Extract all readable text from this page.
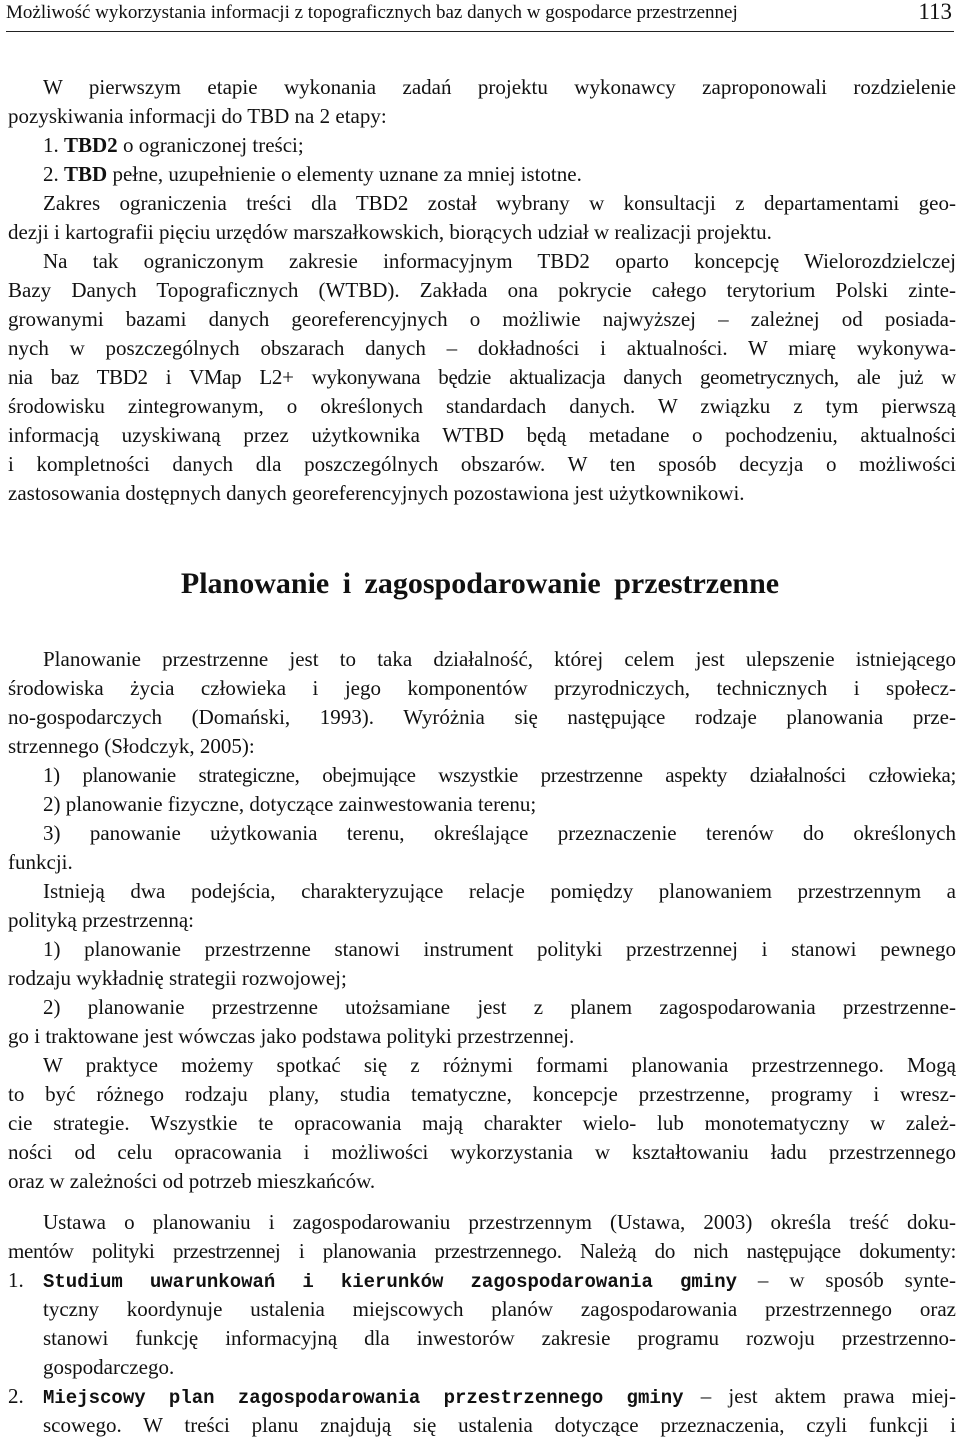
Możliwość wykorzystania informacji z topograficznych baz danych w gospodarce przestrzennej	113
W pierwszym etapie wykonania zadań projektu wykonawcy zaproponowali rozdzielenie
pozyskiwania informacji do TBD na 2 etapy:
1. TBD2 o ograniczonej treści;
2. TBD pełne, uzupełnienie o elementy uznane za mniej istotne.
Zakres ograniczenia treści dla TBD2 został wybrany w konsultacji z departamentami geo-
dezji i kartografii pięciu urzędów marszałkowskich, biorących udział w realizacji projektu.
Na tak ograniczonym zakresie informacyjnym TBD2 oparto koncepcję Wielorozdzielczej
Bazy Danych Topograficznych (WTBD). Zakłada ona pokrycie całego terytorium Polski zinte-
growanymi bazami danych georeferencyjnych o możliwie najwyższej – zależnej od posiada-
nych w poszczególnych obszarach danych – dokładności i aktualności. W miarę wykonywa-
nia baz TBD2 i VMap L2+ wykonywana będzie aktualizacja danych geometrycznych, ale już w
środowisku zintegrowanym, o określonych standardach danych. W związku z tym pierwszą
informacją uzyskiwaną przez użytkownika WTBD będą metadane o pochodzeniu, aktualności
i kompletności danych dla poszczególnych obszarów. W ten sposób decyzja o możliwości
zastosowania dostępnych danych georeferencyjnych pozostawiona jest użytkownikowi.
Planowanie i zagospodarowanie przestrzenne
Planowanie przestrzenne jest to taka działalność, której celem jest ulepszenie istniejącego
środowiska życia człowieka i jego komponentów przyrodniczych, technicznych i społecz-
no-gospodarczych (Domański, 1993). Wyróżnia się następujące rodzaje planowania prze-
strzennego (Słodczyk, 2005):
1) planowanie strategiczne, obejmujące wszystkie przestrzenne aspekty działalności człowieka;
2) planowanie fizyczne, dotyczące zainwestowania terenu;
3) panowanie użytkowania terenu, określające przeznaczenie terenów do określonych
funkcji.
Istnieją dwa podejścia, charakteryzujące relacje pomiędzy planowaniem przestrzennym a
polityką przestrzenną:
1) planowanie przestrzenne stanowi instrument polityki przestrzennej i stanowi pewnego
rodzaju wykładnię strategii rozwojowej;
2) planowanie przestrzenne utożsamiane jest z planem zagospodarowania przestrzenne-
go i traktowane jest wówczas jako podstawa polityki przestrzennej.
W praktyce możemy spotkać się z różnymi formami planowania przestrzennego. Mogą
to być różnego rodzaju plany, studia tematyczne, koncepcje przestrzenne, programy i wresz-
cie strategie. Wszystkie te opracowania mają charakter wielo- lub monotematyczny w zależ-
ności od celu opracowania i możliwości wykorzystania w kształtowaniu ładu przestrzennego
oraz w zależności od potrzeb mieszkańców.
Ustawa o planowaniu i zagospodarowaniu przestrzennym (Ustawa, 2003) określa treść doku-
mentów polityki przestrzennej i planowania przestrzennego. Należą do nich następujące dokumenty:
1. Studium uwarunkowań i kierunków zagospodarowania gminy – w sposób synte-
tyczny koordynuje ustalenia miejscowych planów zagospodarowania przestrzennego oraz
stanowi funkcję informacyjną dla inwestorów zakresie programu rozwoju przestrzenno-
gospodarczego.
2. Miejscowy plan zagospodarowania przestrzennego gminy – jest aktem prawa miej-
scowego. W treści planu znajdują się ustalenia dotyczące przeznaczenia, czyli funkcji i
